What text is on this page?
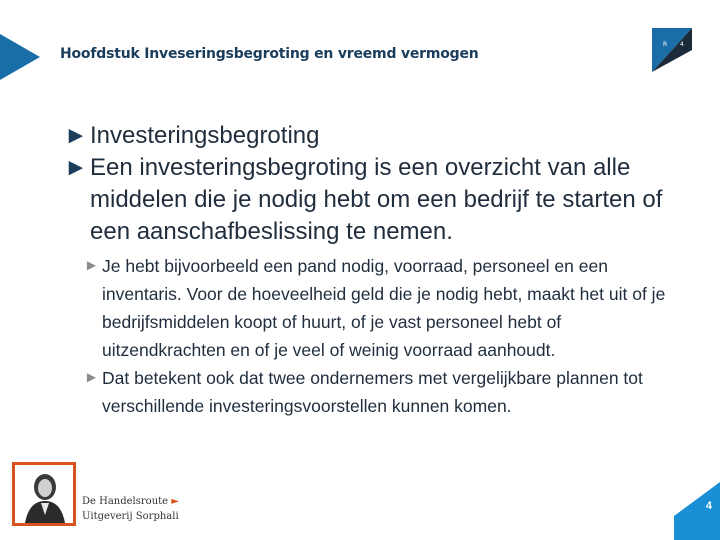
Hoofdstuk Inveseringsbegroting en vreemd vermogen
R 4
► Investeringsbegroting
► Een investeringsbegroting is een overzicht van alle middelen die je nodig hebt om een bedrijf te starten of een aanschafbeslissing te nemen.
► Je hebt bijvoorbeeld een pand nodig, voorraad, personeel en een inventaris. Voor de hoeveelheid geld die je nodig hebt, maakt het uit of je bedrijfsmiddelen koopt of huurt, of je vast personeel hebt of uitzendkrachten en of je veel of weinig voorraad aanhoudt.
► Dat betekent ook dat twee ondernemers met vergelijkbare plannen tot verschillende investeringsvoorstellen kunnen komen.
De Handelsroute ►
Uitgeverij Sorphali
4
